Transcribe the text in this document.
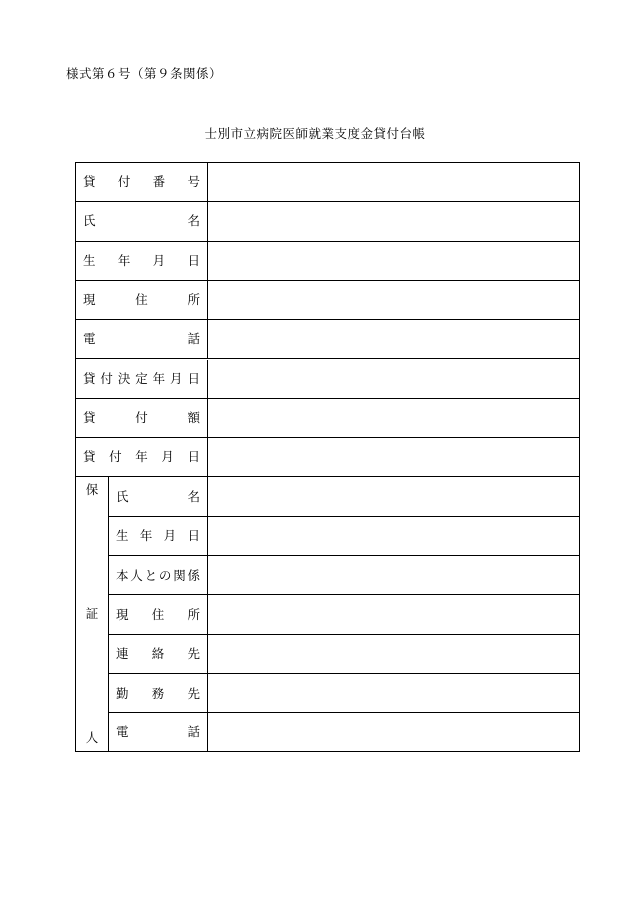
様式第６号（第９条関係）
士別市立病院医師就業支度金貸付台帳
貸 付 番 号
氏	名
生 年 月 日
現	住	所
電	話
貸 付 決 定 年 月 日
貸	付	額
貸 付 年 月 日
保
証
人
氏	名
生 年 月 日
本 人 と の 関 係
現 住 所
連 絡 先
勤 務 先
電	話
